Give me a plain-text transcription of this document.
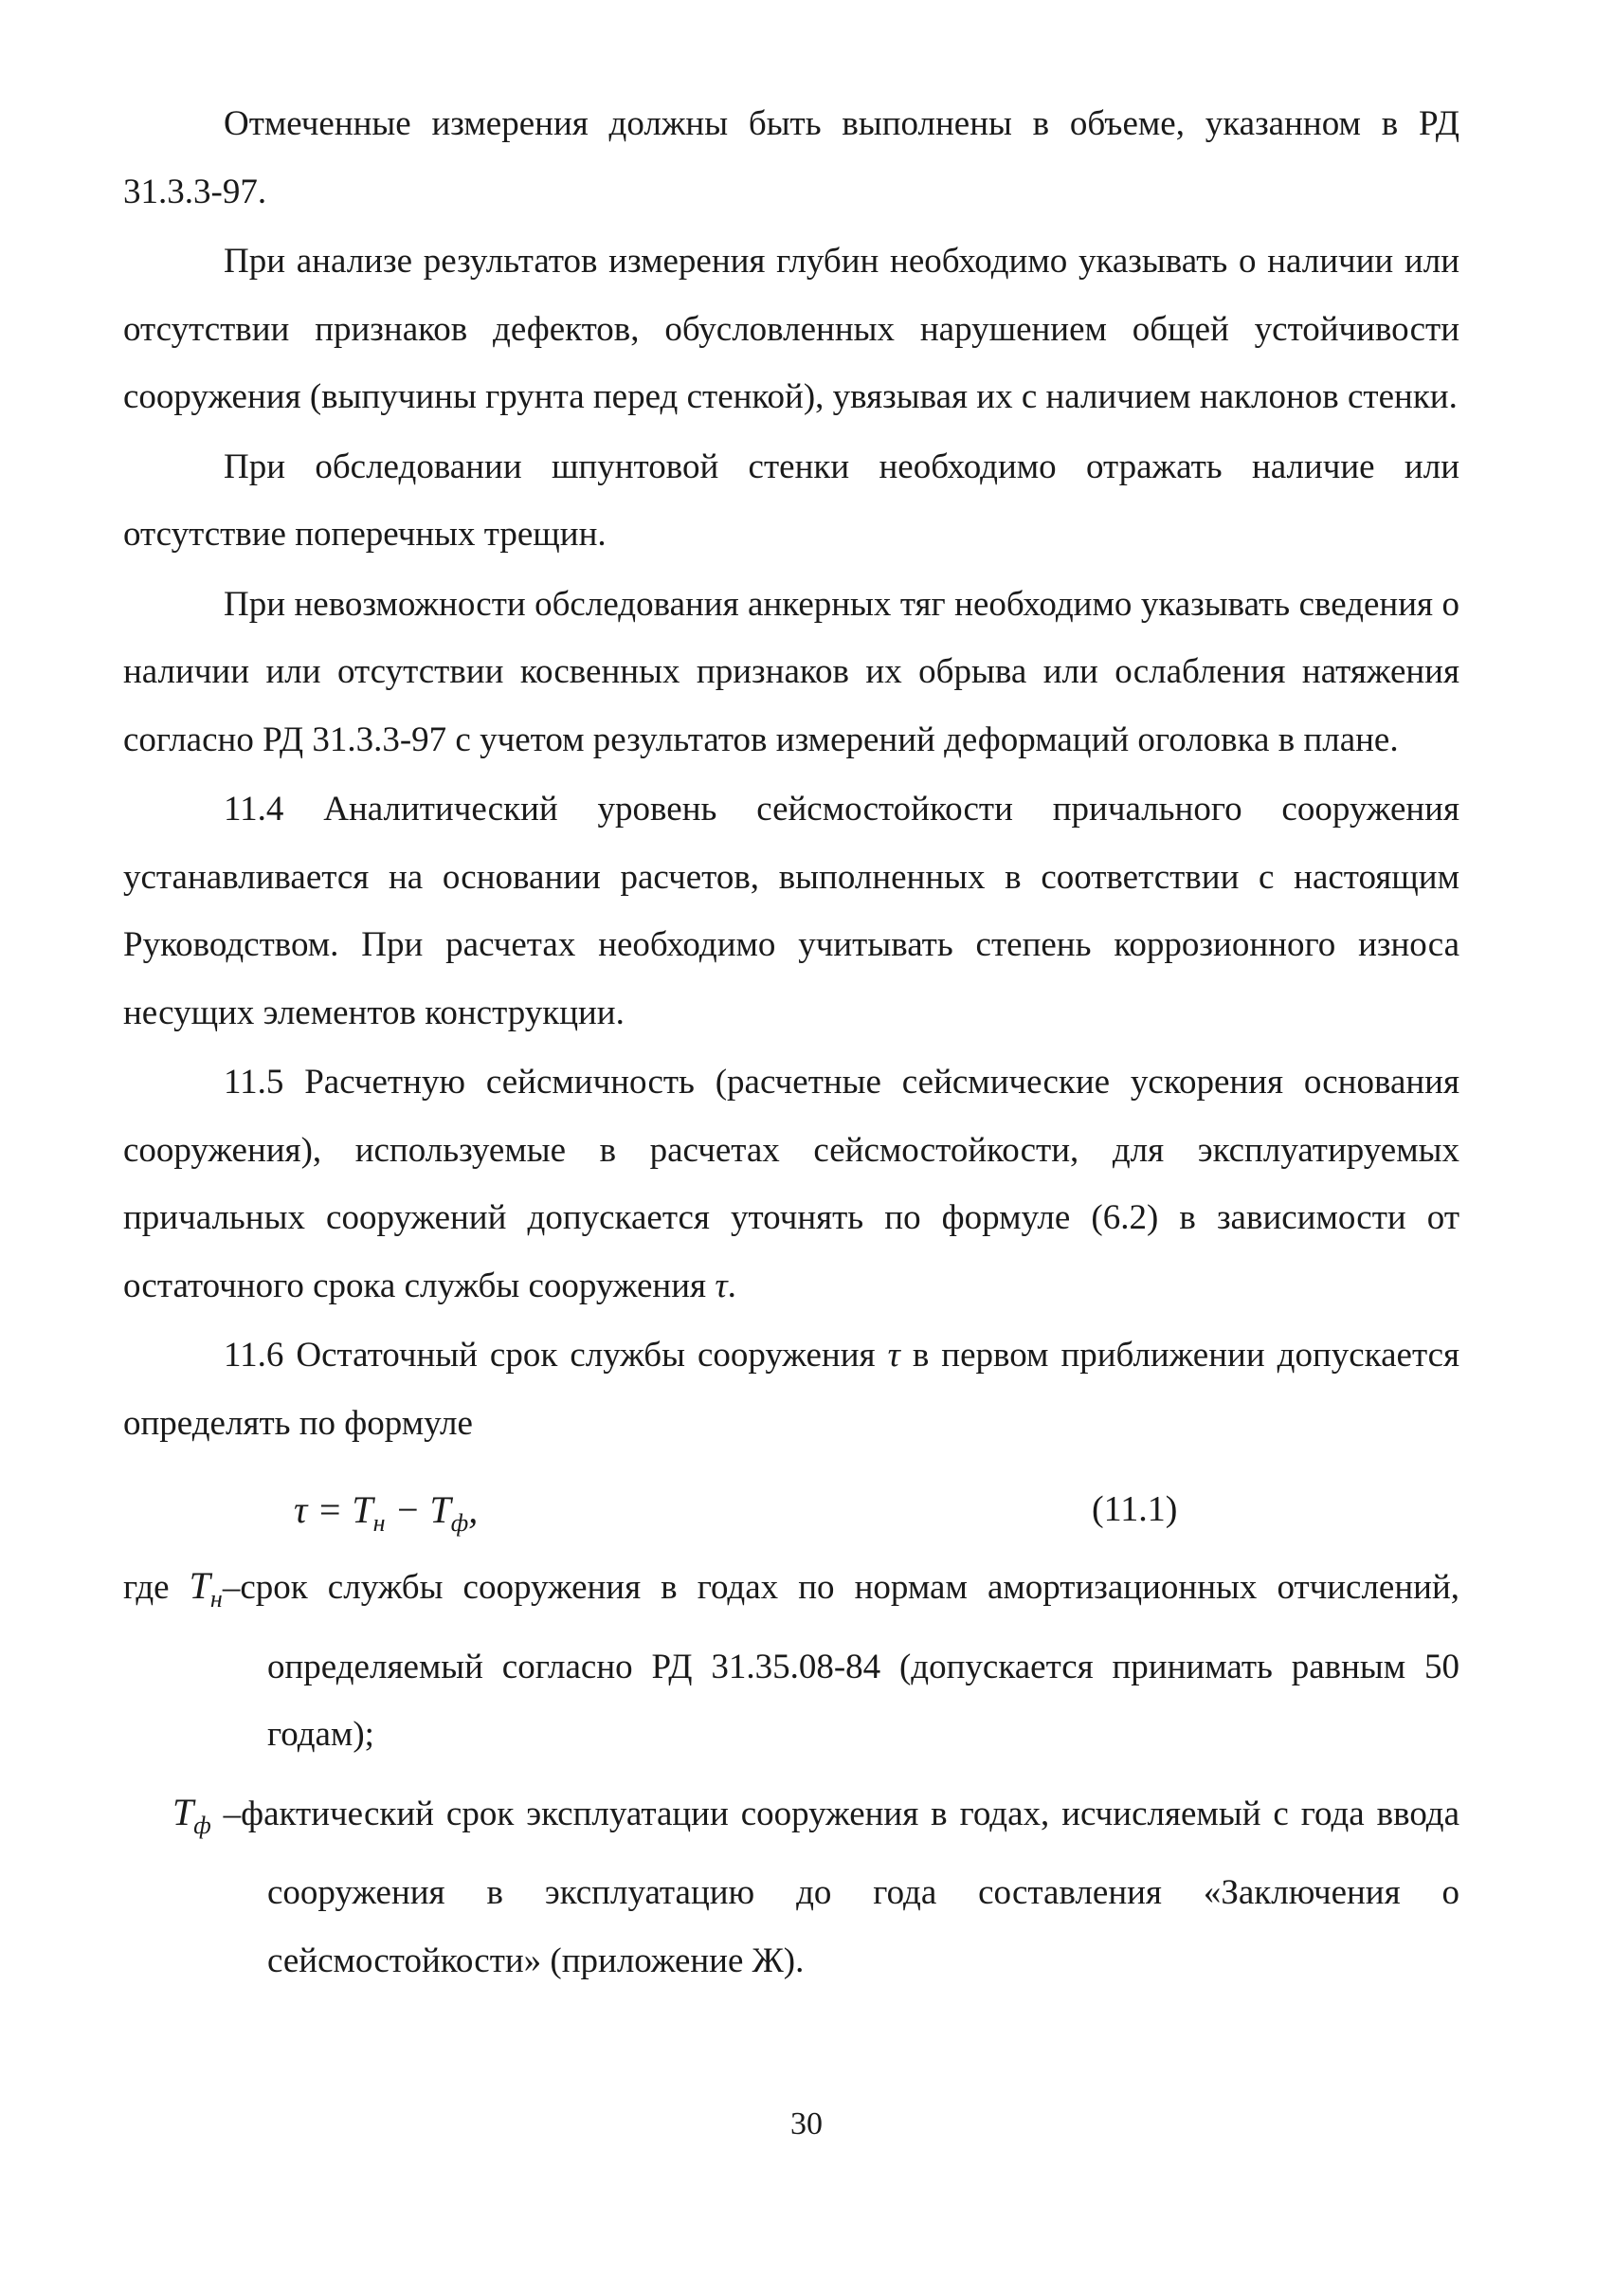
Отмеченные измерения должны быть выполнены в объеме, указанном в РД 31.3.3-97.

При анализе результатов измерения глубин необходимо указывать о наличии или отсутствии признаков дефектов, обусловленных нарушением общей устойчивости сооружения (выпучины грунта перед стенкой), увязывая их с наличием наклонов стенки.

При обследовании шпунтовой стенки необходимо отражать наличие или отсутствие поперечных трещин.

При невозможности обследования анкерных тяг необходимо указывать сведения о наличии или отсутствии косвенных признаков их обрыва или ослабления натяжения согласно РД 31.3.3-97 с учетом результатов измерений деформаций оголовка в плане.

11.4 Аналитический уровень сейсмостойкости причального сооружения устанавливается на основании расчетов, выполненных в соответствии с настоящим Руководством. При расчетах необходимо учитывать степень коррозионного износа несущих элементов конструкции.

11.5 Расчетную сейсмичность (расчетные сейсмические ускорения основания сооружения), используемые в расчетах сейсмостойкости, для эксплуатируемых причальных сооружений допускается уточнять по формуле (6.2) в зависимости от остаточного срока службы сооружения τ.

11.6 Остаточный срок службы сооружения τ в первом приближении допускается определять по формуле

$\tau = T_н - T_ф$,	(11.1)
где $T_н$–срок службы сооружения в годах по нормам амортизационных отчислений, определяемый согласно РД 31.35.08-84 (допускается принимать равным 50 годам);
$T_ф$ –фактический срок эксплуатации сооружения в годах, исчисляемый с года ввода сооружения в эксплуатацию до года составления «Заключения о сейсмостойкости» (приложение Ж).
30
